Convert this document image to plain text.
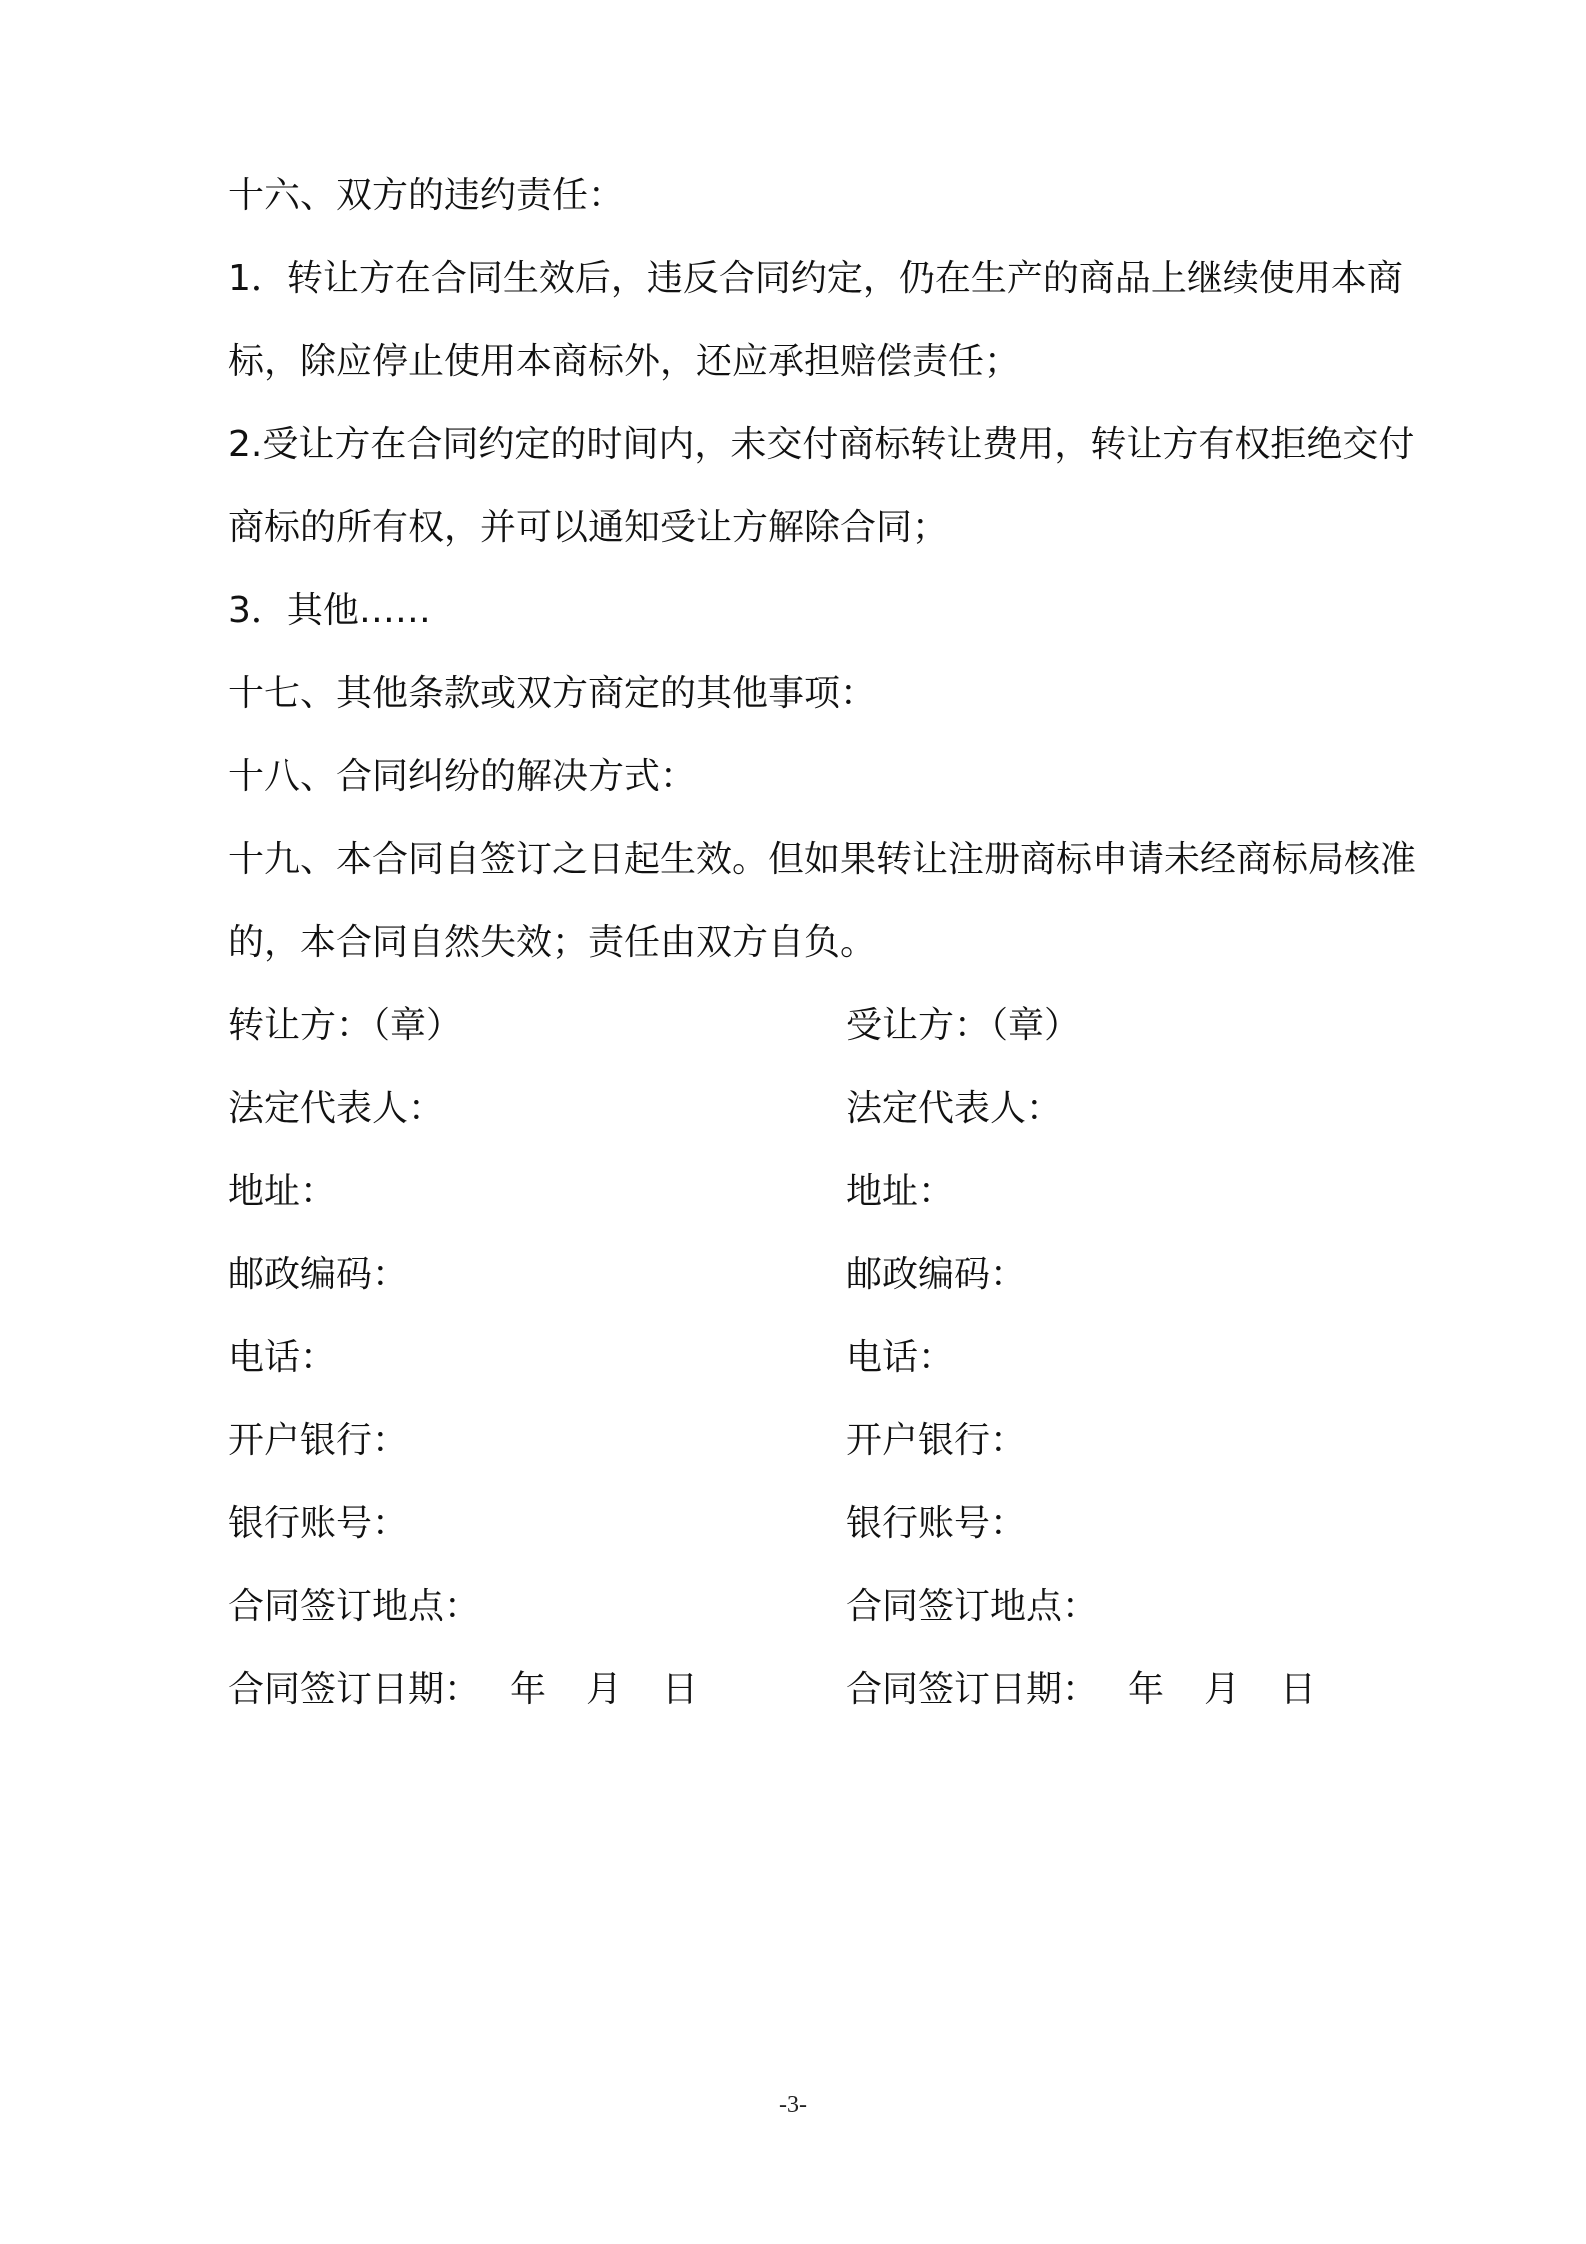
十六、双方的违约责任：

1．转让方在合同生效后，违反合同约定，仍在生产的商品上继续使用本商标，除应停止使用本商标外，还应承担赔偿责任；

2.受让方在合同约定的时间内，未交付商标转让费用，转让方有权拒绝交付商标的所有权，并可以通知受让方解除合同；

3．其他……

十七、其他条款或双方商定的其他事项：

十八、合同纠纷的解决方式：

十九、本合同自签订之日起生效。但如果转让注册商标申请未经商标局核准的，本合同自然失效；责任由双方自负。

转让方：（章）	受让方：（章）
法定代表人：	法定代表人：
地址：	地址：
邮政编码：	邮政编码：
电话：	电话：
开户银行：	开户银行：
银行账号：	银行账号：
合同签订地点：	合同签订地点：
合同签订日期： 年 月 日	合同签订日期： 年 月 日
-3-
